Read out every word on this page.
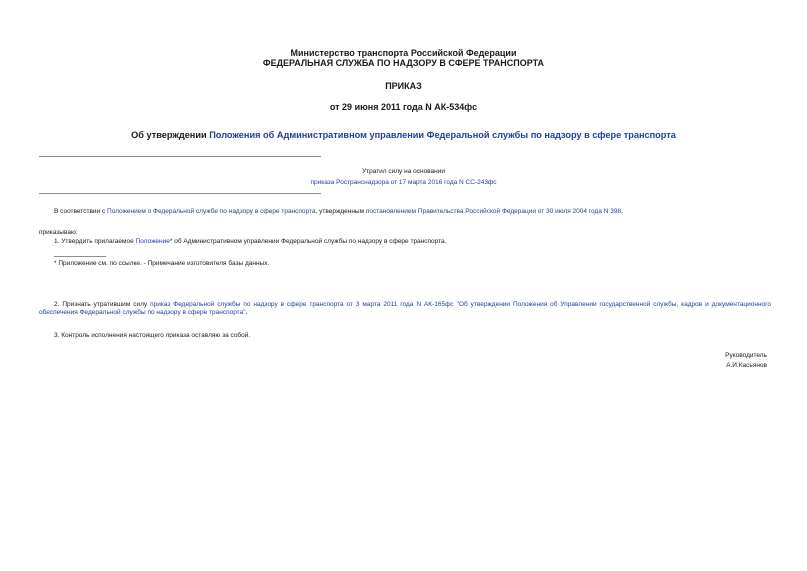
Министерство транспорта Российской Федерации
ФЕДЕРАЛЬНАЯ СЛУЖБА ПО НАДЗОРУ В СФЕРЕ ТРАНСПОРТА
ПРИКАЗ
от 29 июня 2011 года N АК-534фс
Об утверждении Положения об Административном управлении Федеральной службы по надзору в сфере транспорта
Утратил силу на основании
приказа Ространснадзора от 17 марта 2016 года N СС-243фс
В соответствии с Положением о Федеральной службе по надзору в сфере транспорта, утвержденным постановлением Правительства Российской Федерации от 30 июля 2004 года N 398,
приказываю:
1. Утвердить прилагаемое Положение* об Административном управлении Федеральной службы по надзору в сфере транспорта.
* Приложение см. по ссылке. - Примечание изготовителя базы данных.
2. Признать утратившим силу приказ Федеральной службы по надзору в сфере транспорта от 3 марта 2011 года N АК-165фс "Об утверждении Положения об Управлении государственной службы, кадров и документационного обеспечения Федеральной службы по надзору в сфере транспорта".
3. Контроль исполнения настоящего приказа оставляю за собой.
Руководитель
А.И.Касьянов
